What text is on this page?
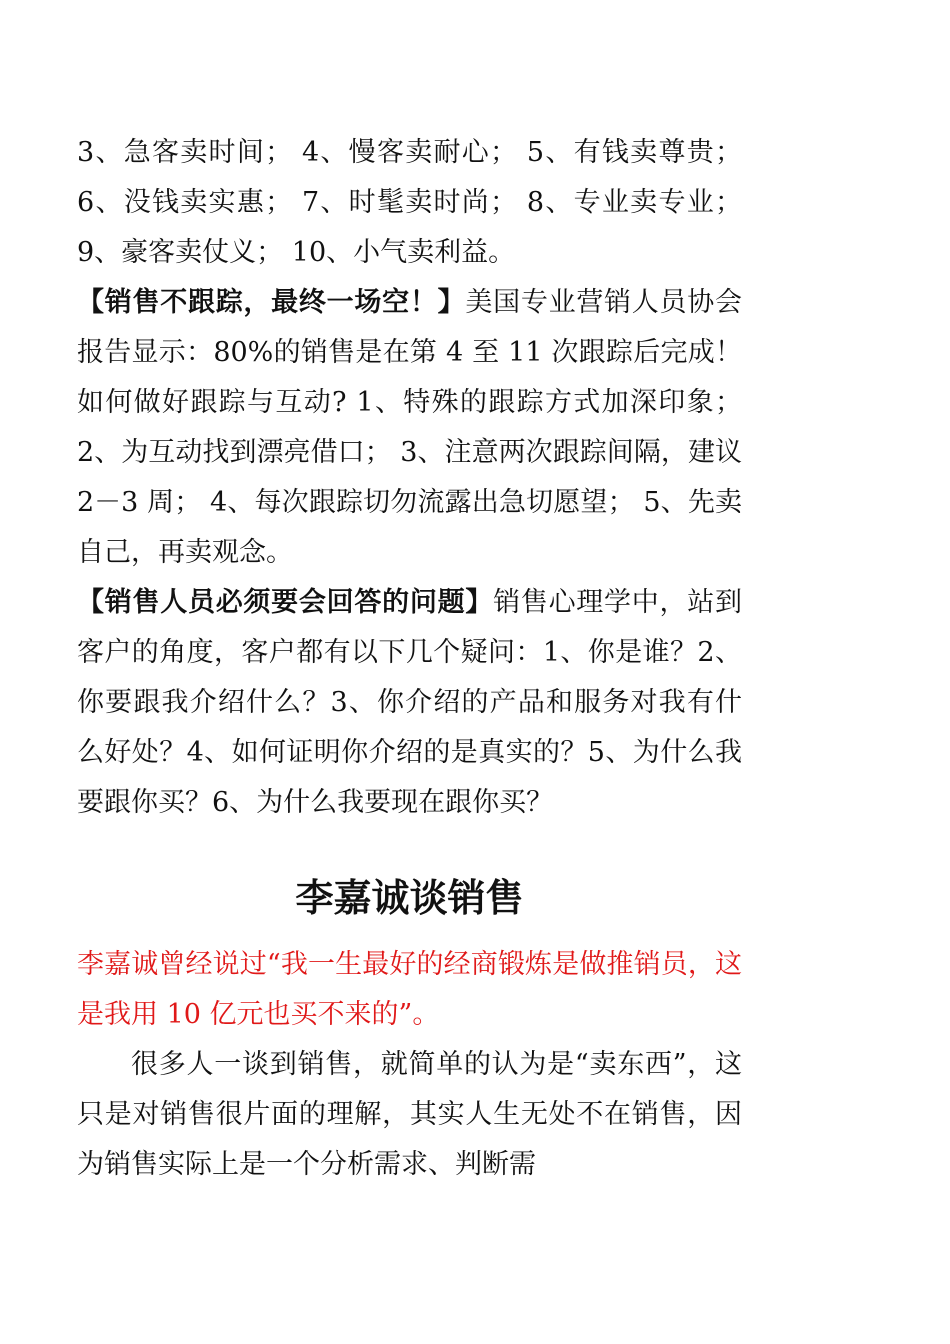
3、急客卖时间； 4、慢客卖耐心； 5、有钱卖尊贵； 6、没钱卖实惠； 7、时髦卖时尚； 8、专业卖专业； 9、豪客卖仗义； 10、小气卖利益。

【销售不跟踪，最终一场空！】美国专业营销人员协会报告显示：80%的销售是在第 4 至 11 次跟踪后完成！ 如何做好跟踪与互动? 1、特殊的跟踪方式加深印象； 2、为互动找到漂亮借口； 3、注意两次跟踪间隔，建议 2－3 周； 4、每次跟踪切勿流露出急切愿望； 5、先卖自己，再卖观念。

【销售人员必须要会回答的问题】销售心理学中，站到客户的角度，客户都有以下几个疑问：1、你是谁？2、你要跟我介绍什么？3、你介绍的产品和服务对我有什么好处？4、如何证明你介绍的是真实的？5、为什么我要跟你买？6、为什么我要现在跟你买？

李嘉诚谈销售

李嘉诚曾经说过“我一生最好的经商锻炼是做推销员，这是我用 10 亿元也买不来的”。

很多人一谈到销售，就简单的认为是“卖东西”，这只是对销售很片面的理解，其实人生无处不在销售，因为销售实际上是一个分析需求、判断需
